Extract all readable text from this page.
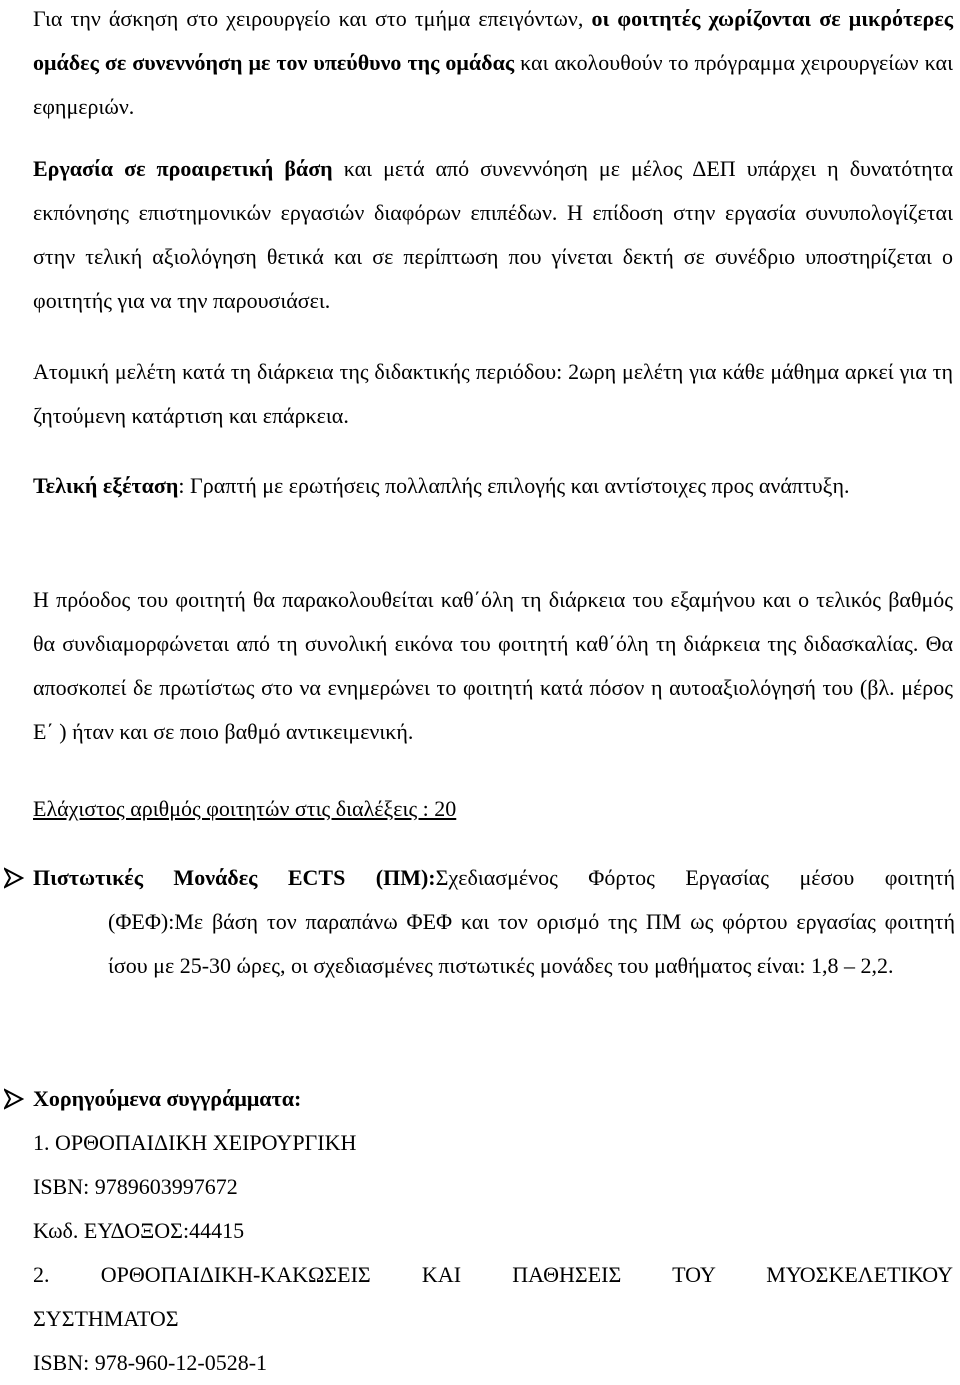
Για την άσκηση στο χειρουργείο και στο τμήμα επειγόντων, οι φοιτητές χωρίζονται σε μικρότερες ομάδες σε συνεννόηση με τον υπεύθυνο της ομάδας και ακολουθούν το πρόγραμμα χειρουργείων και εφημεριών.

Εργασία σε προαιρετική βάση και μετά από συνεννόηση με μέλος ΔΕΠ υπάρχει η δυνατότητα εκπόνησης επιστημονικών εργασιών διαφόρων επιπέδων. Η επίδοση στην εργασία συνυπολογίζεται στην τελική αξιολόγηση θετικά και σε περίπτωση που γίνεται δεκτή σε συνέδριο υποστηρίζεται ο φοιτητής για να την παρουσιάσει.

Ατομική μελέτη κατά τη διάρκεια της διδακτικής περιόδου: 2ωρη μελέτη για κάθε μάθημα αρκεί για τη ζητούμενη κατάρτιση και επάρκεια.

Τελική εξέταση: Γραπτή με ερωτήσεις πολλαπλής επιλογής και αντίστοιχες προς ανάπτυξη.

Η πρόοδος του φοιτητή θα παρακολουθείται καθ΄όλη τη διάρκεια του εξαμήνου και ο τελικός βαθμός θα συνδιαμορφώνεται από τη συνολική εικόνα του φοιτητή καθ΄όλη τη διάρκεια της διδασκαλίας. Θα αποσκοπεί δε πρωτίστως στο να ενημερώνει το φοιτητή κατά πόσον η αυτοαξιολόγησή του (βλ. μέρος Ε΄ ) ήταν και σε ποιο βαθμό αντικειμενική.

Ελάχιστος αριθμός φοιτητών στις διαλέξεις : 20

Πιστωτικές Μονάδες ECTS (ΠΜ):Σχεδιασμένος Φόρτος Εργασίας μέσου φοιτητή

(ΦΕΦ):Με βάση τον παραπάνω ΦΕΦ και τον ορισμό της ΠΜ ως φόρτου εργασίας φοιτητή ίσου με 25-30 ώρες, οι σχεδιασμένες πιστωτικές μονάδες του μαθήματος είναι: 1,8 – 2,2.

Χορηγούμενα συγγράμματα:

1. ΟΡΘΟΠΑΙΔΙΚΗ ΧΕΙΡΟΥΡΓΙΚΗ

ISBN: 9789603997672

Κωδ. ΕΥΔΟΞΟΣ:44415

2. ΟΡΘΟΠΑΙΔΙΚΗ-ΚΑΚΩΣΕΙΣ ΚΑΙ ΠΑΘΗΣΕΙΣ ΤΟΥ ΜΥΟΣΚΕΛΕΤΙΚΟΥ

ΣΥΣΤΗΜΑΤΟΣ

ISBN: 978-960-12-0528-1
